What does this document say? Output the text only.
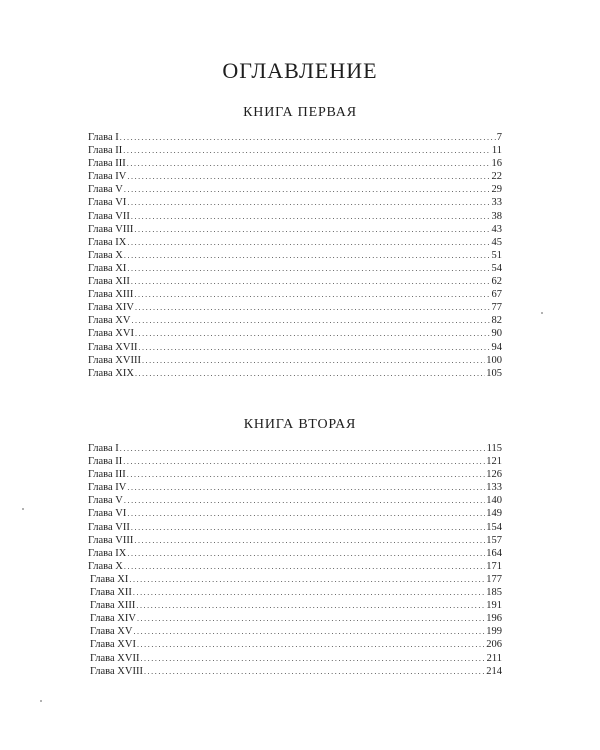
ОГЛАВЛЕНИЕ
КНИГА ПЕРВАЯ
Глава I .....	7
Глава II .....	11
Глава III .....	16
Глава IV .....	22
Глава V .....	29
Глава VI .....	33
Глава VII .....	38
Глава VIII .....	43
Глава IX .....	45
Глава X .....	51
Глава XI .....	54
Глава XII .....	62
Глава XIII .....	67
Глава XIV .....	77
Глава XV .....	82
Глава XVI .....	90
Глава XVII .....	94
Глава XVIII .....	100
Глава XIX .....	105
КНИГА ВТОРАЯ
Глава I .....	115
Глава II .....	121
Глава III .....	126
Глава IV .....	133
Глава V .....	140
Глава VI .....	149
Глава VII .....	154
Глава VIII .....	157
Глава IX .....	164
Глава X .....	171
Глава XI .....	177
Глава XII .....	185
Глава XIII .....	191
Глава XIV .....	196
Глава XV .....	199
Глава XVI .....	206
Глава XVII .....	211
Глава XVIII .....	214
